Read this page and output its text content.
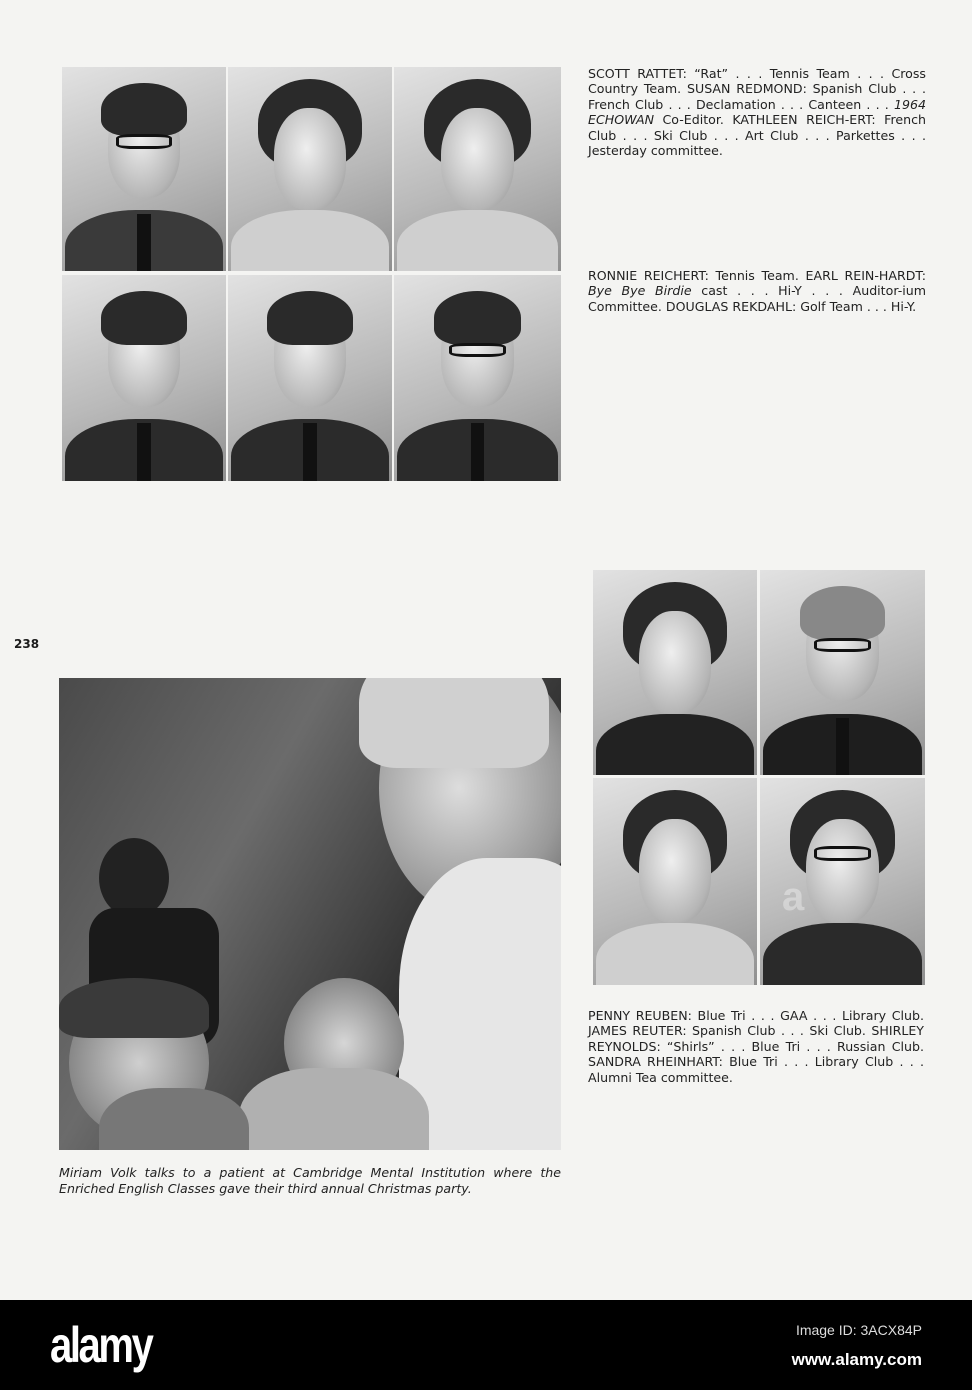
SCOTT RATTET: “Rat” . . . Tennis Team . . . Cross Country Team. SUSAN REDMOND: Spanish Club . . . French Club . . . Declamation . . . Canteen . . . 1964 ECHOWAN Co-Editor. KATHLEEN REICH-ERT: French Club . . . Ski Club . . . Art Club . . . Parkettes . . . Jesterday committee.

RONNIE REICHERT: Tennis Team. EARL REIN-HARDT: Bye Bye Birdie cast . . . Hi-Y . . . Auditor-ium Committee. DOUGLAS REKDAHL: Golf Team . . . Hi-Y.

238
Miriam Volk talks to a patient at Cambridge Mental Institution where the Enriched English Classes gave their third annual Christmas party.

PENNY REUBEN: Blue Tri . . . GAA . . . Library Club. JAMES REUTER: Spanish Club . . . Ski Club. SHIRLEY REYNOLDS: “Shirls” . . . Blue Tri . . . Russian Club. SANDRA RHEINHART: Blue Tri . . . Library Club . . . Alumni Tea committee.

a
alamy	Image ID: 3ACX84P
www.alamy.com
